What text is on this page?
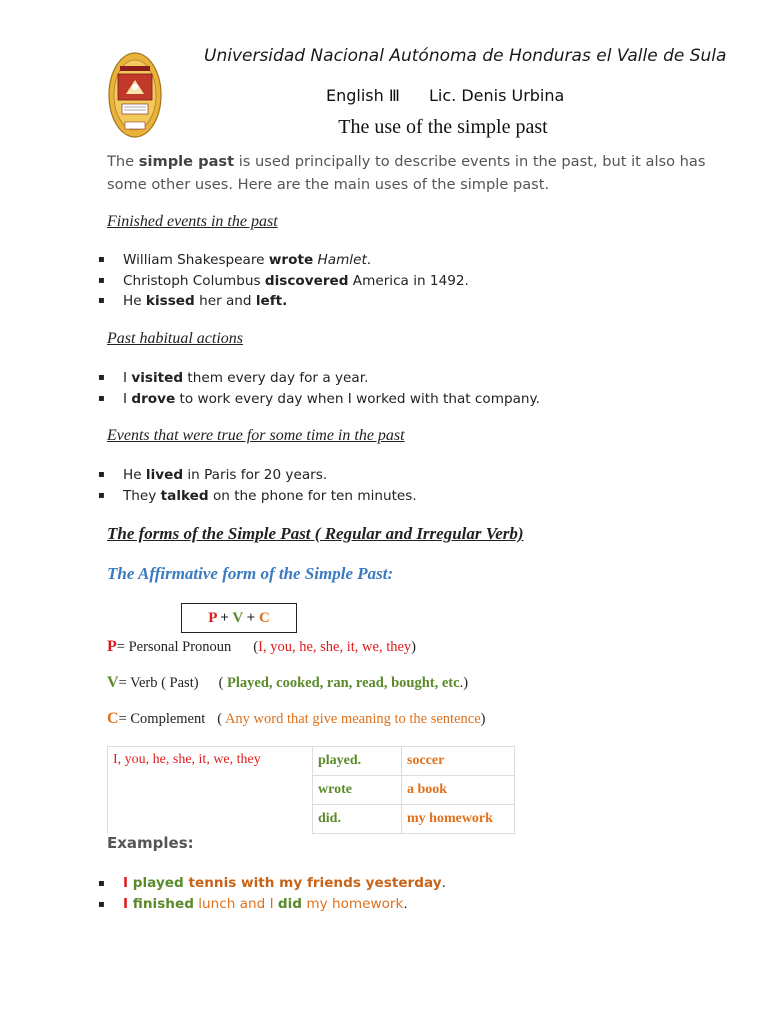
Universidad Nacional Autónoma de Honduras el Valle de Sula
English Ⅲ Lic. Denis Urbina
The use of the simple past
The simple past is used principally to describe events in the past, but it also has some other uses. Here are the main uses of the simple past.
Finished events in the past
▪ William Shakespeare wrote Hamlet.
▪ Christoph Columbus discovered America in 1492.
▪ He kissed her and left.
Past habitual actions
▪ I visited them every day for a year.
▪ I drove to work every day when I worked with that company.
Events that were true for some time in the past
▪ He lived in Paris for 20 years.
▪ They talked on the phone for ten minutes.
The forms of the Simple Past ( Regular and Irregular Verb)
The Affirmative form of the Simple Past:
P + V + C
P= Personal Pronoun (I, you, he, she, it, we, they)
V= Verb ( Past) ( Played, cooked, ran, read, bought, etc.)
C= Complement ( Any word that give meaning to the sentence)
I, you, he, she, it, we, they	played.	soccer
	wrote	a book
	did.	my homework
Examples:
▪ I played tennis with my friends yesterday.
▪ I finished lunch and I did my homework.
